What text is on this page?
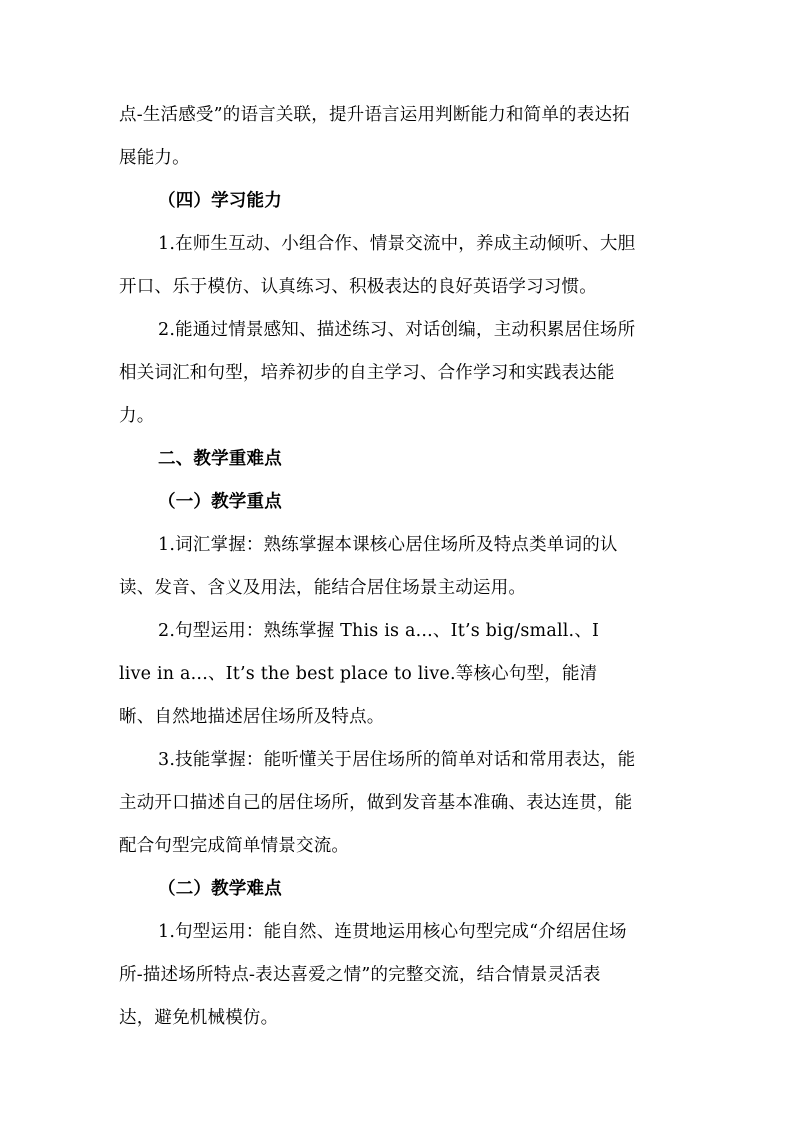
点-生活感受”的语言关联，提升语言运用判断能力和简单的表达拓
展能力。
（四）学习能力
1.在师生互动、小组合作、情景交流中，养成主动倾听、大胆
开口、乐于模仿、认真练习、积极表达的良好英语学习习惯。
2.能通过情景感知、描述练习、对话创编，主动积累居住场所
相关词汇和句型，培养初步的自主学习、合作学习和实践表达能
力。
二、教学重难点
（一）教学重点
1.词汇掌握：熟练掌握本课核心居住场所及特点类单词的认
读、发音、含义及用法，能结合居住场景主动运用。
2.句型运用：熟练掌握 This is a...、It’s big/small.、I
live in a...、It’s the best place to live.等核心句型，能清
晰、自然地描述居住场所及特点。
3.技能掌握：能听懂关于居住场所的简单对话和常用表达，能
主动开口描述自己的居住场所，做到发音基本准确、表达连贯，能
配合句型完成简单情景交流。
（二）教学难点
1.句型运用：能自然、连贯地运用核心句型完成“介绍居住场
所-描述场所特点-表达喜爱之情”的完整交流，结合情景灵活表
达，避免机械模仿。
